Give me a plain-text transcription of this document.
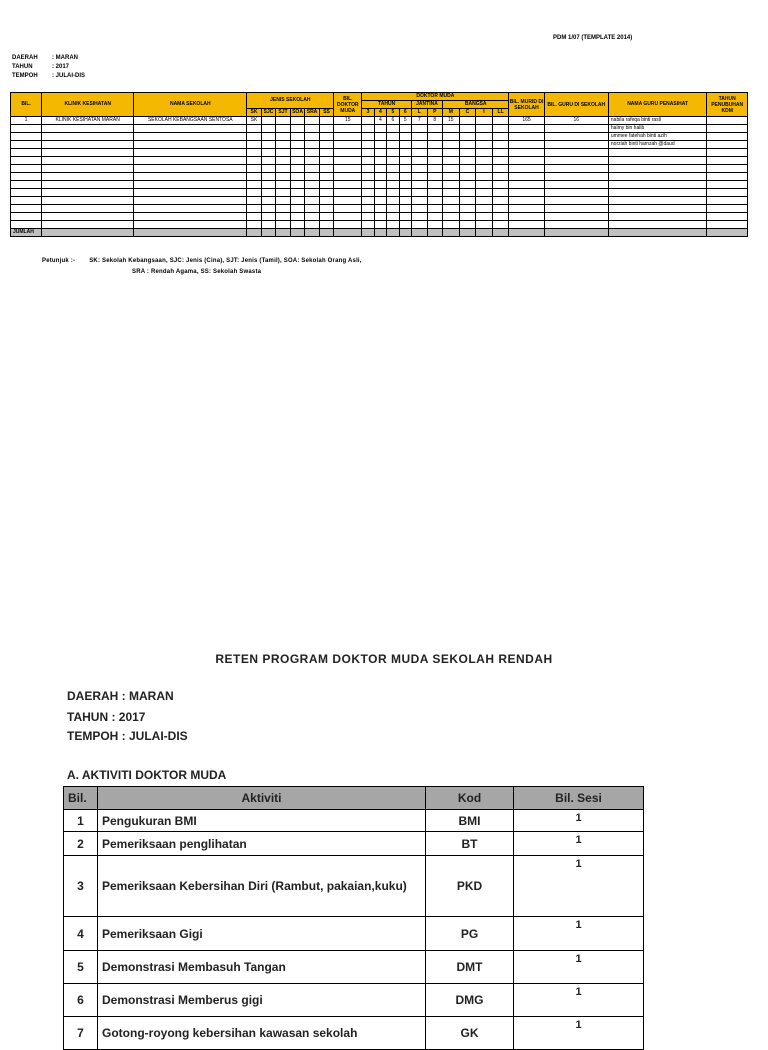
PDM 1/07 (TEMPLATE 2014)
DAERAH : MARAN
TAHUN	: 2017
TEMPOH : JULAI-DIS
BIL.	KLINIK KESIHATAN	NAMA SEKOLAH	JENIS SEKOLAH						BIL. DOKTOR MUDA	DOKTOR MUDA										BIL. MURID DI SEKOLAH	BIL. GURU DI SEKOLAH	NAMA GURU PENASIHAT	TAHUN PENUBUHAN KDM
										TAHUN				JANTINA		BANGSA							
			SK	SJC	SJT	SOA	SRA	SS		3	4	5	6	L	P	M	C	I	LL				
1	KLINIK KESIHATAN MARAN	SEKOLAH KEBANGSAAN SENTOSA	SK						15		4	6	5	7	8	15				165	16	nabila rafeqa binti rasli	
																						halmy bin halib	
																						ummee fatehah binti azih	
																						norziah binti hamzah @daud	

JUMLAH																							
Petunjuk :- SK: Sekolah Kebangsaan, SJC: Jenis (Cina), SJT: Jenis (Tamil), SOA: Sekolah Orang Asli,
SRA : Rendah Agama, SS: Sekolah Swasta
RETEN PROGRAM DOKTOR MUDA SEKOLAH RENDAH
DAERAH : MARAN
TAHUN : 2017
TEMPOH : JULAI-DIS
A. AKTIVITI DOKTOR MUDA
Bil.	Aktiviti	Kod	Bil. Sesi
1	Pengukuran BMI	BMI	1
2	Pemeriksaan penglihatan	BT	1
3	Pemeriksaan Kebersihan Diri (Rambut, pakaian,kuku)	PKD	1
4	Pemeriksaan Gigi	PG	1
5	Demonstrasi Membasuh Tangan	DMT	1
6	Demonstrasi Memberus gigi	DMG	1
7	Gotong-royong kebersihan kawasan sekolah	GK	1
